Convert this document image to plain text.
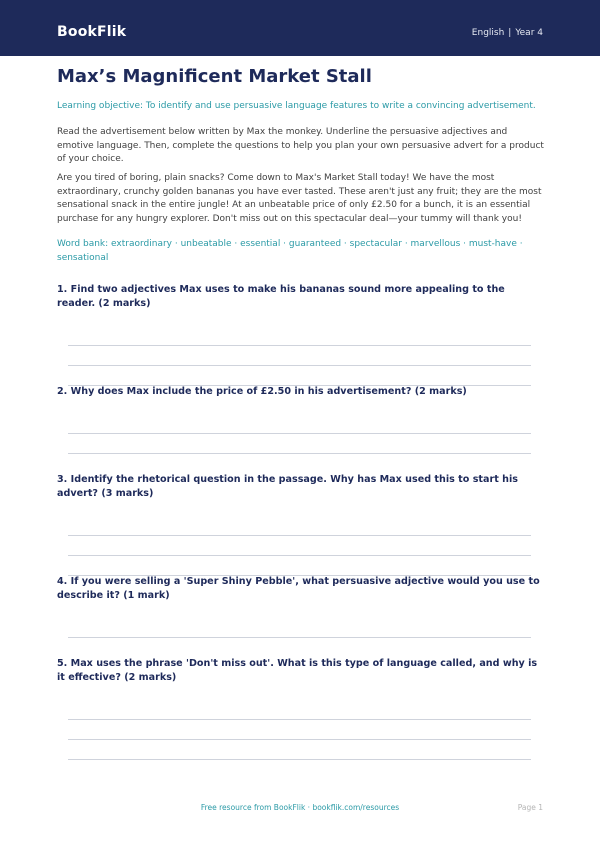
BookFlik	English | Year 4
Max’s Magnificent Market Stall
Learning objective: To identify and use persuasive language features to write a convincing advertisement.
Read the advertisement below written by Max the monkey. Underline the persuasive adjectives and emotive language. Then, complete the questions to help you plan your own persuasive advert for a product of your choice.
Are you tired of boring, plain snacks? Come down to Max's Market Stall today! We have the most extraordinary, crunchy golden bananas you have ever tasted. These aren't just any fruit; they are the most sensational snack in the entire jungle! At an unbeatable price of only £2.50 for a bunch, it is an essential purchase for any hungry explorer. Don't miss out on this spectacular deal—your tummy will thank you!
Word bank: extraordinary · unbeatable · essential · guaranteed · spectacular · marvellous · must-have · sensational
1. Find two adjectives Max uses to make his bananas sound more appealing to the reader. (2 marks)
2. Why does Max include the price of £2.50 in his advertisement? (2 marks)
3. Identify the rhetorical question in the passage. Why has Max used this to start his advert? (3 marks)
4. If you were selling a 'Super Shiny Pebble', what persuasive adjective would you use to describe it? (1 mark)
5. Max uses the phrase 'Don't miss out'. What is this type of language called, and why is it effective? (2 marks)
Free resource from BookFlik · bookflik.com/resources	Page 1
